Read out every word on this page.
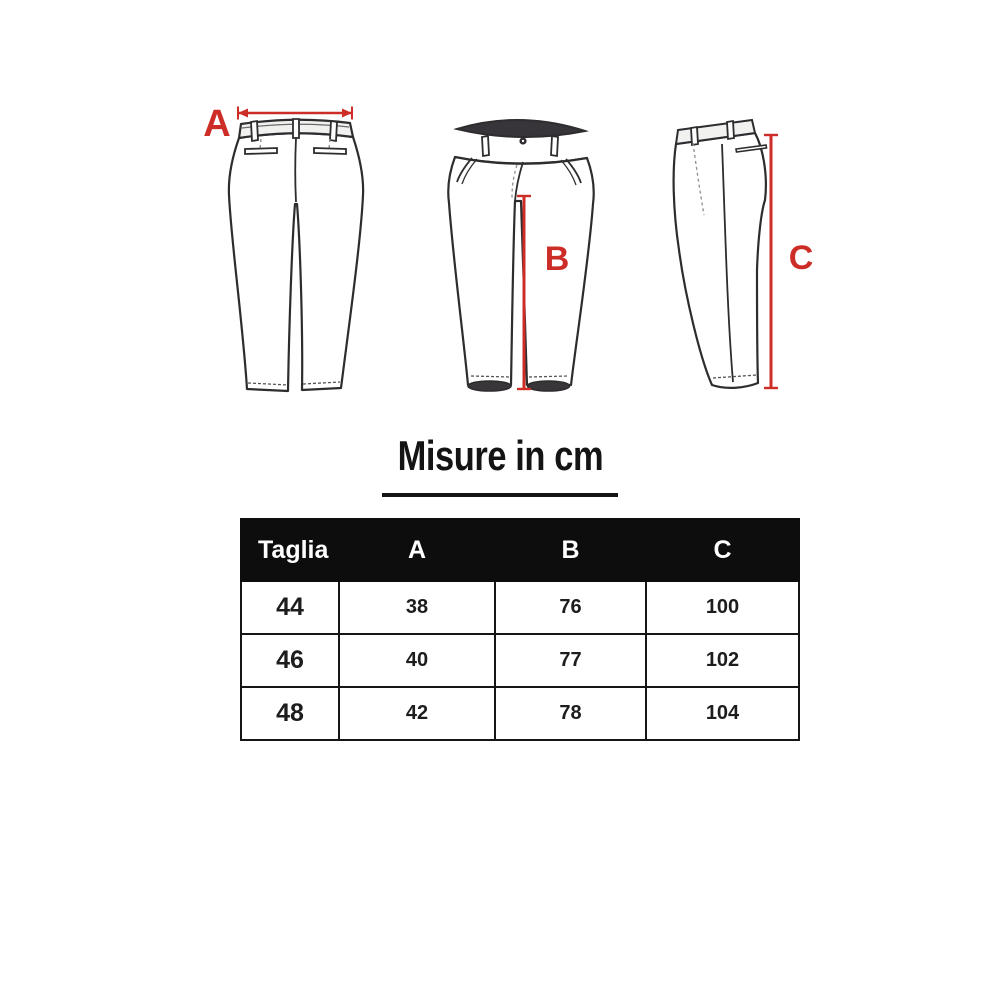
A
B	C
Misure in cm
Taglia	A	B	C
44	38	76	100
46	40	77	102
48	42	78	104
